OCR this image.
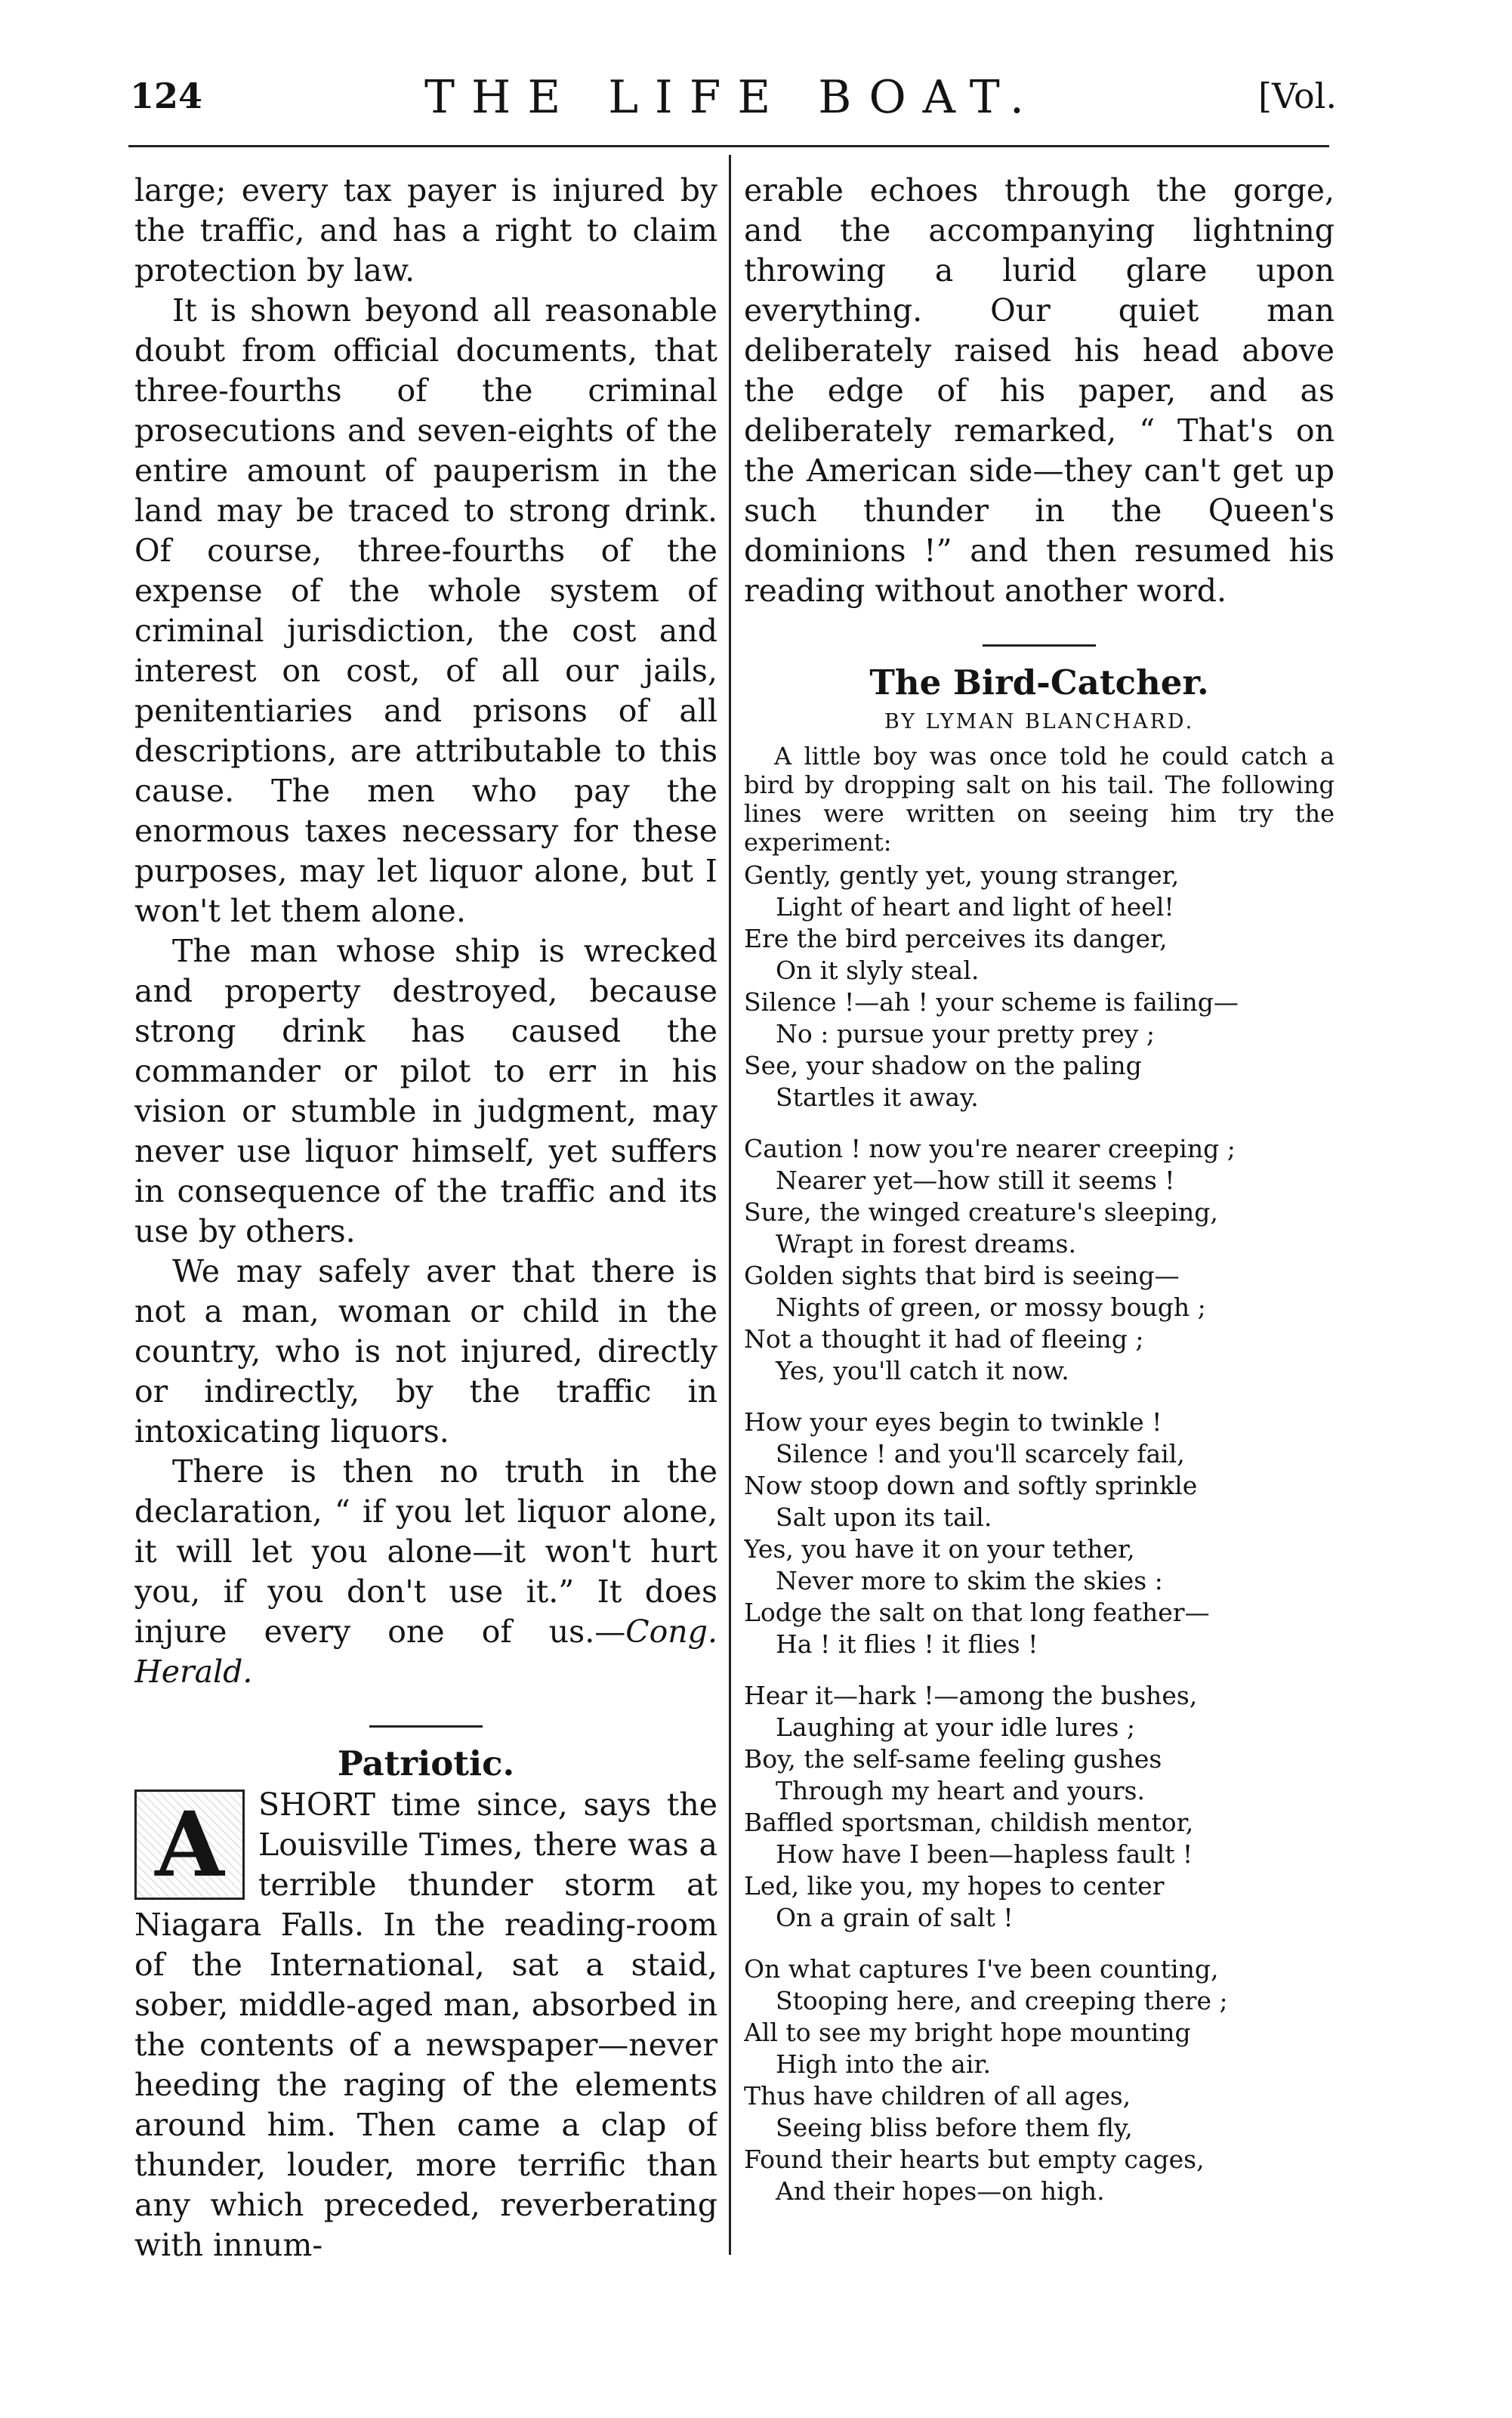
124	THE LIFE BOAT.	[Vol.

large; every tax payer is injured by the traffic, and has a right to claim protection by law.

It is shown beyond all reasonable doubt from official documents, that three-fourths of the criminal prosecutions and seven-eights of the entire amount of pauperism in the land may be traced to strong drink. Of course, three-fourths of the expense of the whole system of criminal jurisdiction, the cost and interest on cost, of all our jails, penitentiaries and prisons of all descriptions, are attributable to this cause. The men who pay the enormous taxes necessary for these purposes, may let liquor alone, but I won't let them alone.

The man whose ship is wrecked and property destroyed, because strong drink has caused the commander or pilot to err in his vision or stumble in judgment, may never use liquor himself, yet suffers in consequence of the traffic and its use by others.

We may safely aver that there is not a man, woman or child in the country, who is not injured, directly or indirectly, by the traffic in intoxicating liquors.

There is then no truth in the declaration, “ if you let liquor alone, it will let you alone—it won't hurt you, if you don't use it.” It does injure every one of us.—Cong. Herald.

Patriotic.

A	SHORT time since, says the Louisville Times, there was a terrible thunder storm at Niagara Falls. In the reading-room of the International, sat a staid, sober, middle-aged man, absorbed in the contents of a newspaper—never heeding the raging of the elements around him. Then came a clap of thunder, louder, more terrific than any which preceded, reverberating with innum-

erable echoes through the gorge, and the accompanying lightning throwing a lurid glare upon everything. Our quiet man deliberately raised his head above the edge of his paper, and as deliberately remarked, “ That's on the American side—they can't get up such thunder in the Queen's dominions !” and then resumed his reading without another word.

The Bird-Catcher.

BY LYMAN BLANCHARD.

A little boy was once told he could catch a bird by dropping salt on his tail. The following lines were written on seeing him try the experiment:

Gently, gently yet, young stranger,
Light of heart and light of heel!
Ere the bird perceives its danger,
On it slyly steal.
Silence !—ah ! your scheme is failing—
No : pursue your pretty prey ;
See, your shadow on the paling
Startles it away.
Caution ! now you're nearer creeping ;
Nearer yet—how still it seems !
Sure, the winged creature's sleeping,
Wrapt in forest dreams.
Golden sights that bird is seeing—
Nights of green, or mossy bough ;
Not a thought it had of fleeing ;
Yes, you'll catch it now.
How your eyes begin to twinkle !
Silence ! and you'll scarcely fail,
Now stoop down and softly sprinkle
Salt upon its tail.
Yes, you have it on your tether,
Never more to skim the skies :
Lodge the salt on that long feather—
Ha ! it flies ! it flies !
Hear it—hark !—among the bushes,
Laughing at your idle lures ;
Boy, the self-same feeling gushes
Through my heart and yours.
Baffled sportsman, childish mentor,
How have I been—hapless fault !
Led, like you, my hopes to center
On a grain of salt !
On what captures I've been counting,
Stooping here, and creeping there ;
All to see my bright hope mounting
High into the air.
Thus have children of all ages,
Seeing bliss before them fly,
Found their hearts but empty cages,
And their hopes—on high.
